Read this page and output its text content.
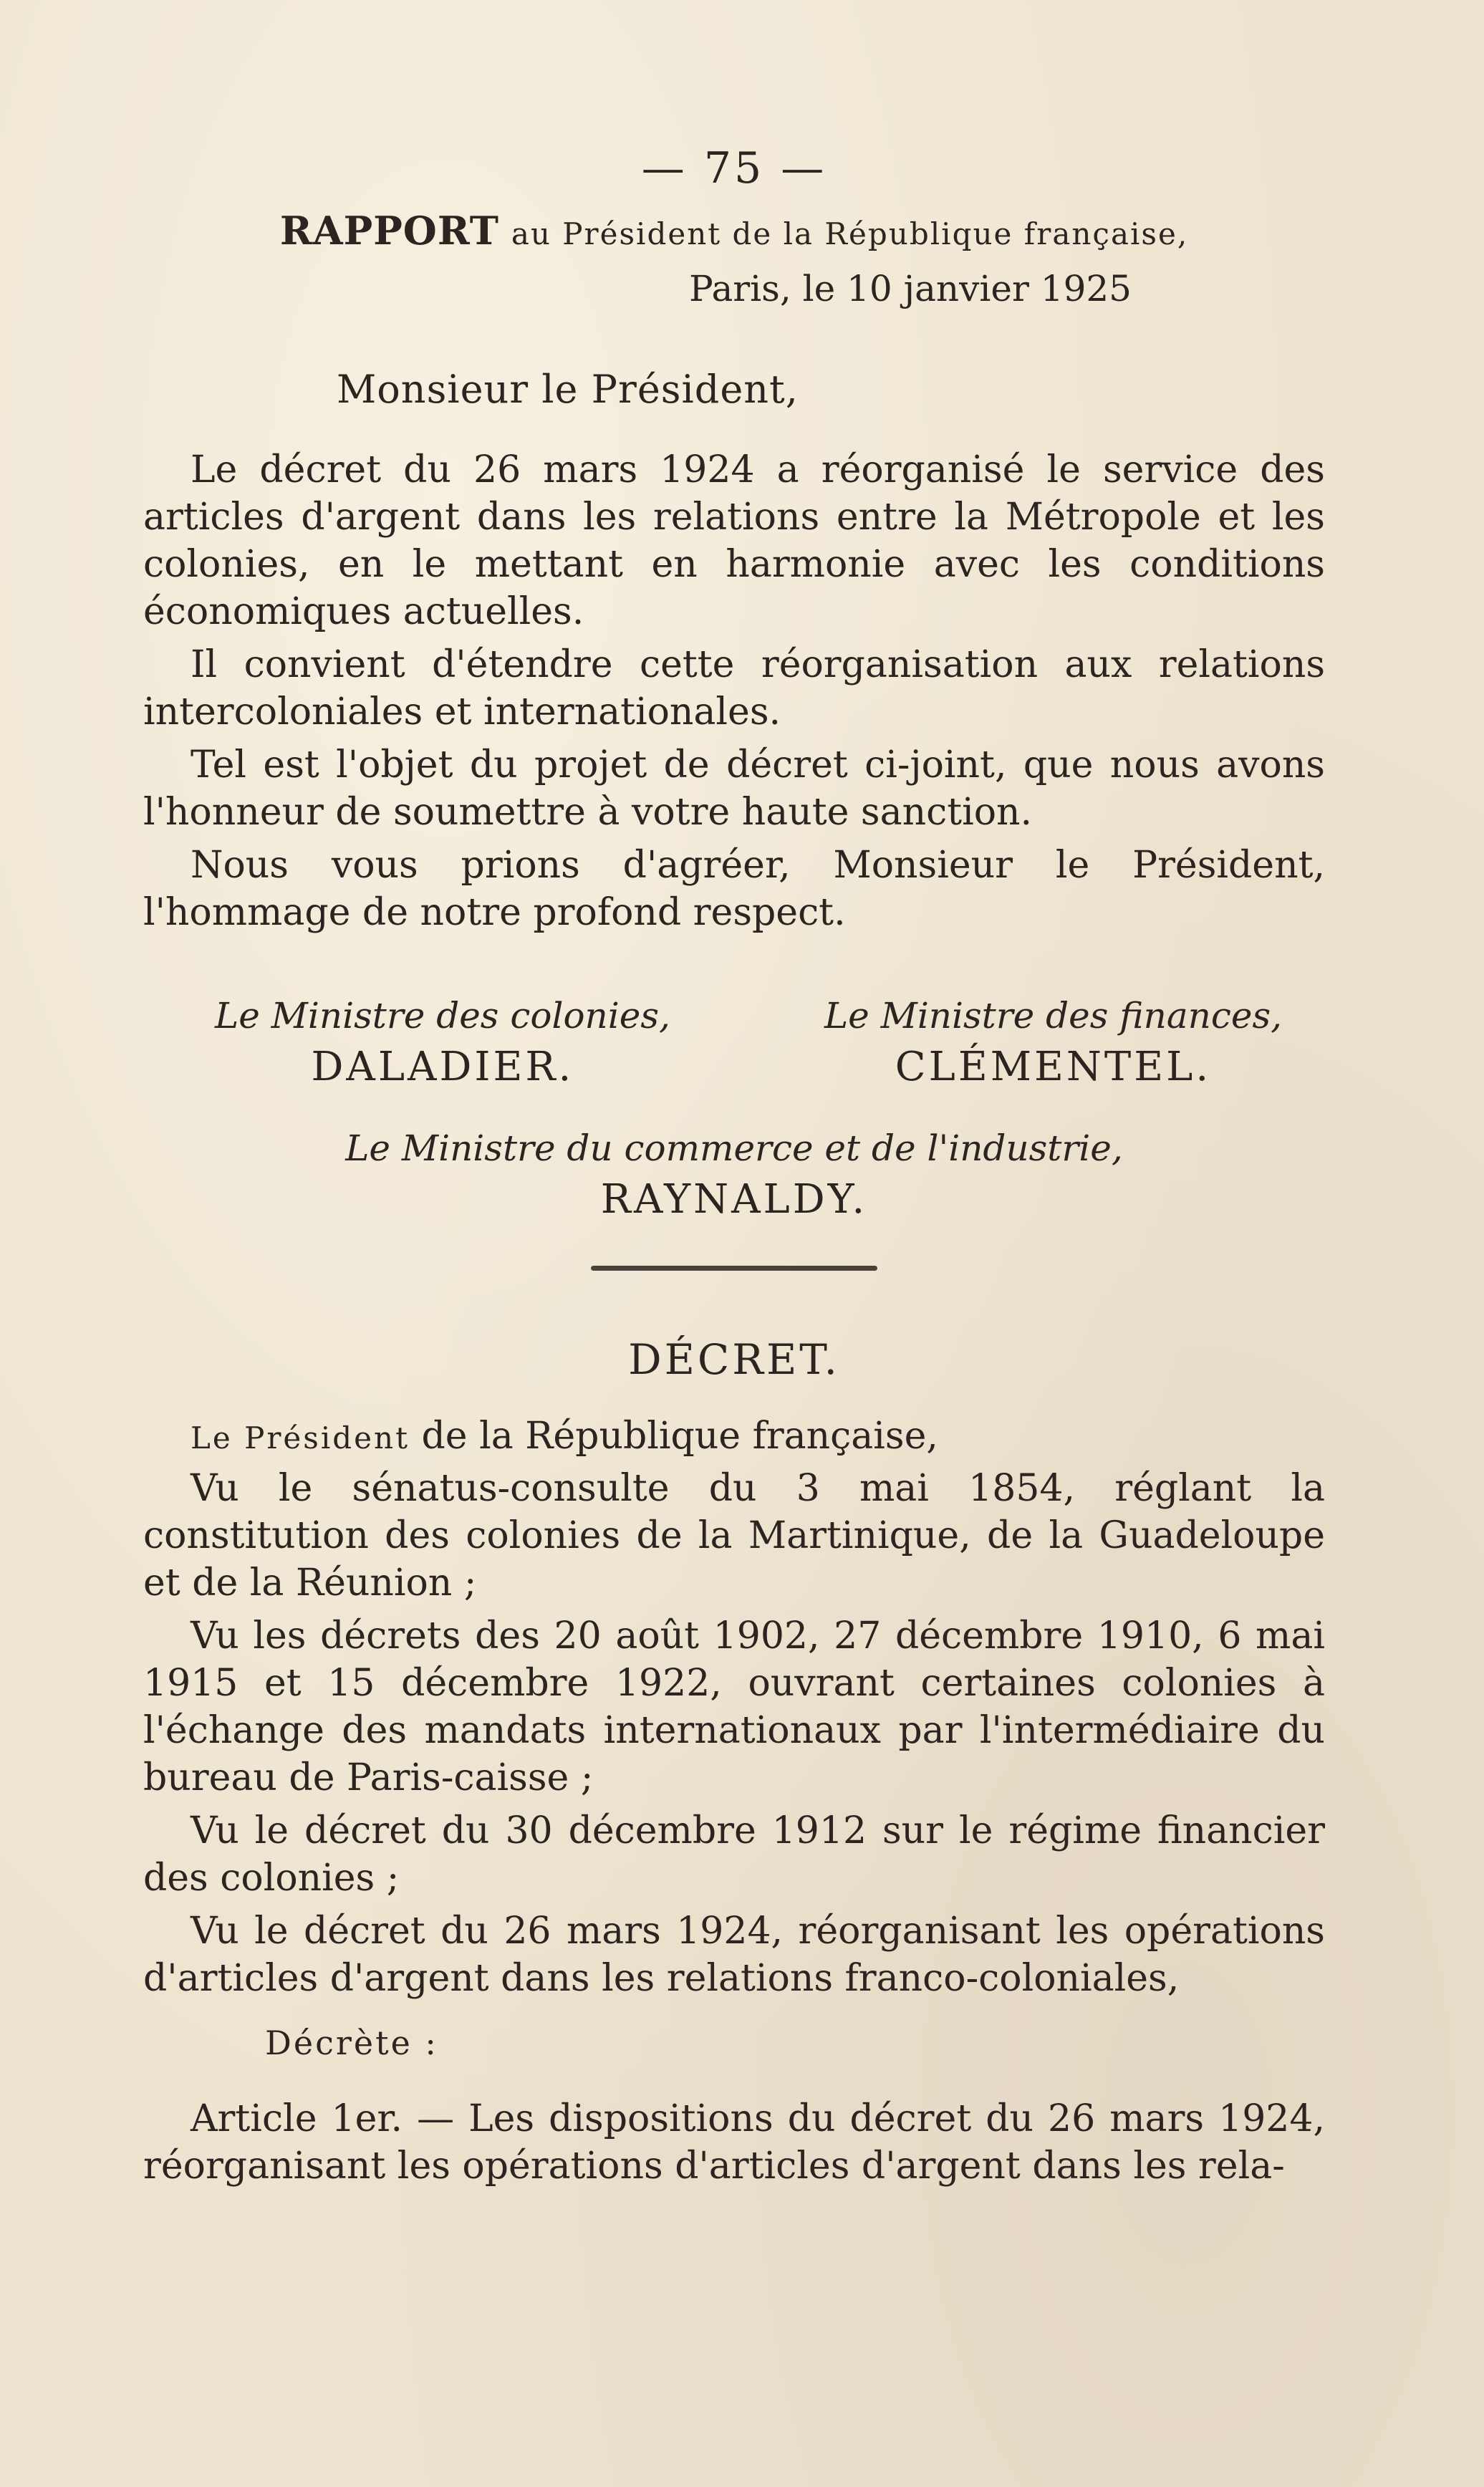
— 75 —
RAPPORT au Président de la République française,
Paris, le 10 janvier 1925
Monsieur le Président,

Le décret du 26 mars 1924 a réorganisé le service des articles d'argent dans les relations entre la Métropole et les colonies, en le mettant en harmonie avec les conditions économiques actuelles.

Il convient d'étendre cette réorganisation aux relations intercoloniales et internationales.

Tel est l'objet du projet de décret ci-joint, que nous avons l'honneur de soumettre à votre haute sanction.

Nous vous prions d'agréer, Monsieur le Président, l'hommage de notre profond respect.

Le Ministre des colonies,
DALADIER.
Le Ministre des finances,
CLÉMENTEL.
Le Ministre du commerce et de l'industrie,
RAYNALDY.
DÉCRET.
Le Président de la République française,

Vu le sénatus-consulte du 3 mai 1854, réglant la constitution des colonies de la Martinique, de la Guadeloupe et de la Réunion ;

Vu les décrets des 20 août 1902, 27 décembre 1910, 6 mai 1915 et 15 décembre 1922, ouvrant certaines colonies à l'échange des mandats internationaux par l'intermédiaire du bureau de Paris-caisse ;

Vu le décret du 30 décembre 1912 sur le régime financier des colonies ;

Vu le décret du 26 mars 1924, réorganisant les opérations d'articles d'argent dans les relations franco-coloniales,

Décrète :

Article 1er. — Les dispositions du décret du 26 mars 1924, réorganisant les opérations d'articles d'argent dans les rela-
